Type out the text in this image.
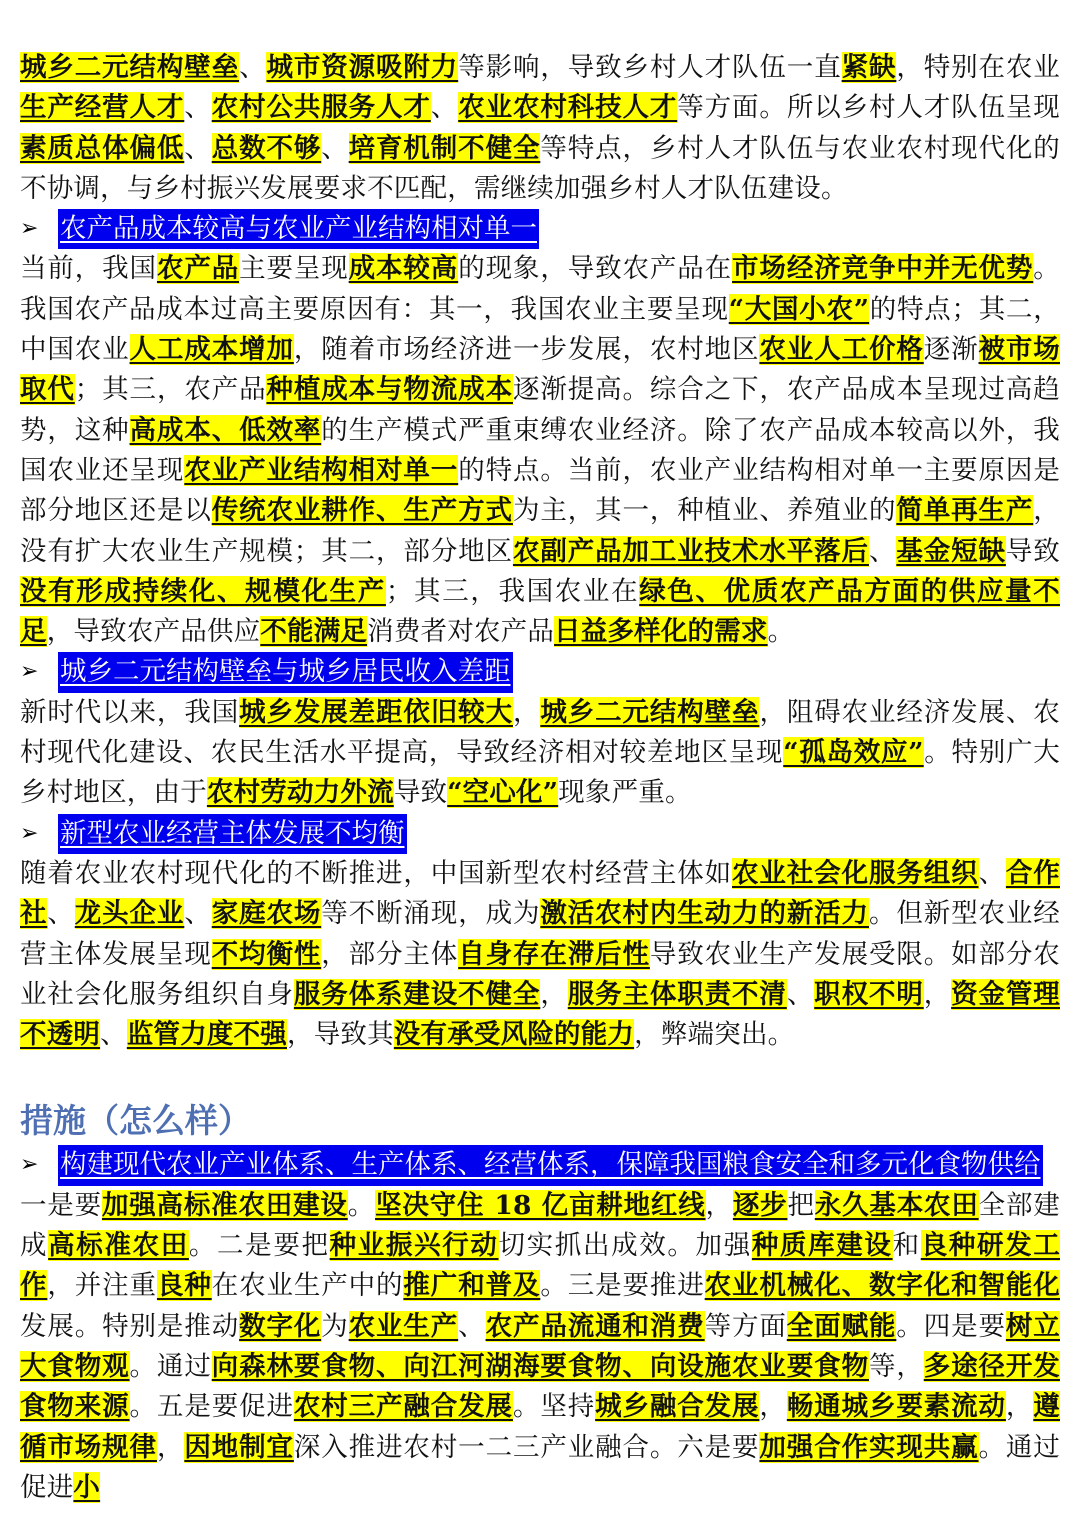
城乡二元结构壁垒、城市资源吸附力等影响，导致乡村人才队伍一直紧缺，特别在农业生产经营人才、农村公共服务人才、农业农村科技人才等方面。所以乡村人才队伍呈现素质总体偏低、总数不够、培育机制不健全等特点，乡村人才队伍与农业农村现代化的不协调，与乡村振兴发展要求不匹配，需继续加强乡村人才队伍建设。

➢ 农产品成本较高与农业产业结构相对单一

当前，我国农产品主要呈现成本较高的现象，导致农产品在市场经济竞争中并无优势。我国农产品成本过高主要原因有：其一，我国农业主要呈现“大国小农”的特点；其二，中国农业人工成本增加，随着市场经济进一步发展，农村地区农业人工价格逐渐被市场取代；其三，农产品种植成本与物流成本逐渐提高。综合之下，农产品成本呈现过高趋势，这种高成本、低效率的生产模式严重束缚农业经济。除了农产品成本较高以外，我国农业还呈现农业产业结构相对单一的特点。当前，农业产业结构相对单一主要原因是部分地区还是以传统农业耕作、生产方式为主，其一，种植业、养殖业的简单再生产，没有扩大农业生产规模；其二，部分地区农副产品加工业技术水平落后、基金短缺导致没有形成持续化、规模化生产；其三，我国农业在绿色、优质农产品方面的供应量不足，导致农产品供应不能满足消费者对农产品日益多样化的需求。

➢ 城乡二元结构壁垒与城乡居民收入差距

新时代以来，我国城乡发展差距依旧较大，城乡二元结构壁垒，阻碍农业经济发展、农村现代化建设、农民生活水平提高，导致经济相对较差地区呈现“孤岛效应”。特别广大乡村地区，由于农村劳动力外流导致“空心化”现象严重。

➢ 新型农业经营主体发展不均衡

随着农业农村现代化的不断推进，中国新型农村经营主体如农业社会化服务组织、合作社、龙头企业、家庭农场等不断涌现，成为激活农村内生动力的新活力。但新型农业经营主体发展呈现不均衡性，部分主体自身存在滞后性导致农业生产发展受限。如部分农业社会化服务组织自身服务体系建设不健全，服务主体职责不清、职权不明，资金管理不透明、监管力度不强，导致其没有承受风险的能力，弊端突出。

措施（怎么样）
➢ 构建现代农业产业体系、生产体系、经营体系，保障我国粮食安全和多元化食物供给

一是要加强高标准农田建设。坚决守住 18 亿亩耕地红线，逐步把永久基本农田全部建成高标准农田。二是要把种业振兴行动切实抓出成效。加强种质库建设和良种研发工作，并注重良种在农业生产中的推广和普及。三是要推进农业机械化、数字化和智能化发展。特别是推动数字化为农业生产、农产品流通和消费等方面全面赋能。四是要树立大食物观。通过向森林要食物、向江河湖海要食物、向设施农业要食物等，多途径开发食物来源。五是要促进农村三产融合发展。坚持城乡融合发展，畅通城乡要素流动，遵循市场规律，因地制宜深入推进农村一二三产业融合。六是要加强合作实现共赢。通过促进小
